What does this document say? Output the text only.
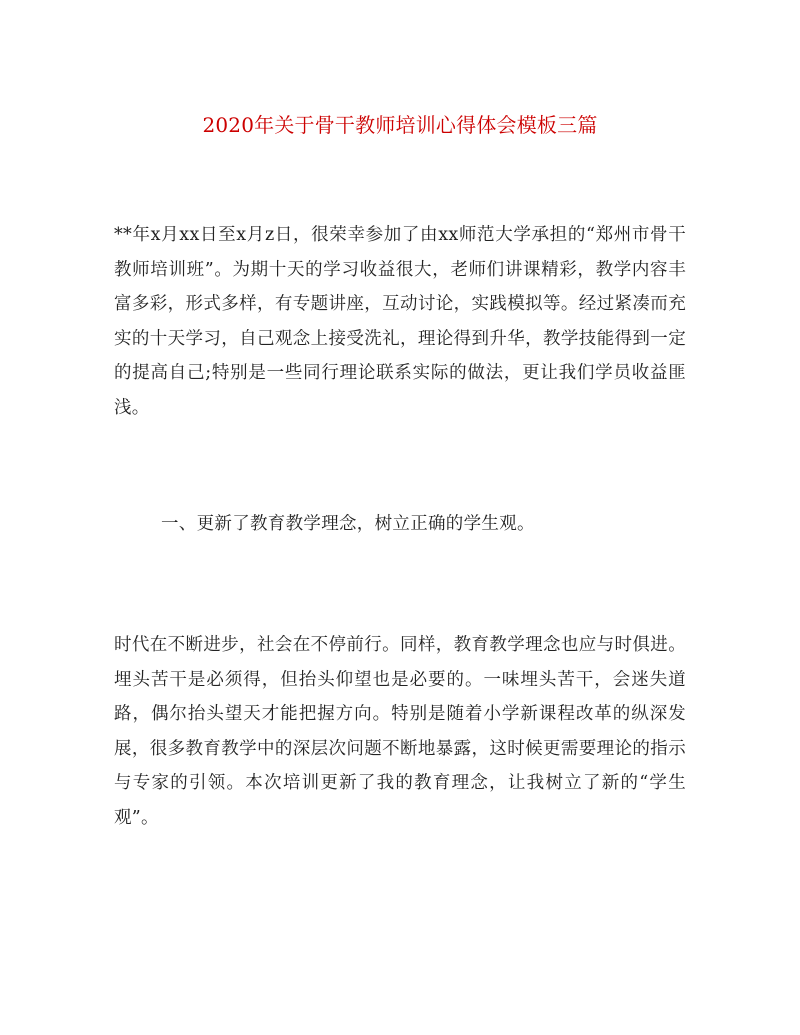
2020年关于骨干教师培训心得体会模板三篇

**年x月xx日至x月z日，很荣幸参加了由xx师范大学承担的“郑州市骨干教师培训班”。为期十天的学习收益很大，老师们讲课精彩，教学内容丰富多彩，形式多样，有专题讲座，互动讨论，实践模拟等。经过紧凑而充实的十天学习，自己观念上接受洗礼，理论得到升华，教学技能得到一定的提高自己;特别是一些同行理论联系实际的做法，更让我们学员收益匪浅。

一、更新了教育教学理念，树立正确的学生观。

时代在不断进步，社会在不停前行。同样，教育教学理念也应与时俱进。埋头苦干是必须得，但抬头仰望也是必要的。一味埋头苦干，会迷失道路，偶尔抬头望天才能把握方向。特别是随着小学新课程改革的纵深发展，很多教育教学中的深层次问题不断地暴露，这时候更需要理论的指示与专家的引领。本次培训更新了我的教育理念，让我树立了新的“学生观”。
